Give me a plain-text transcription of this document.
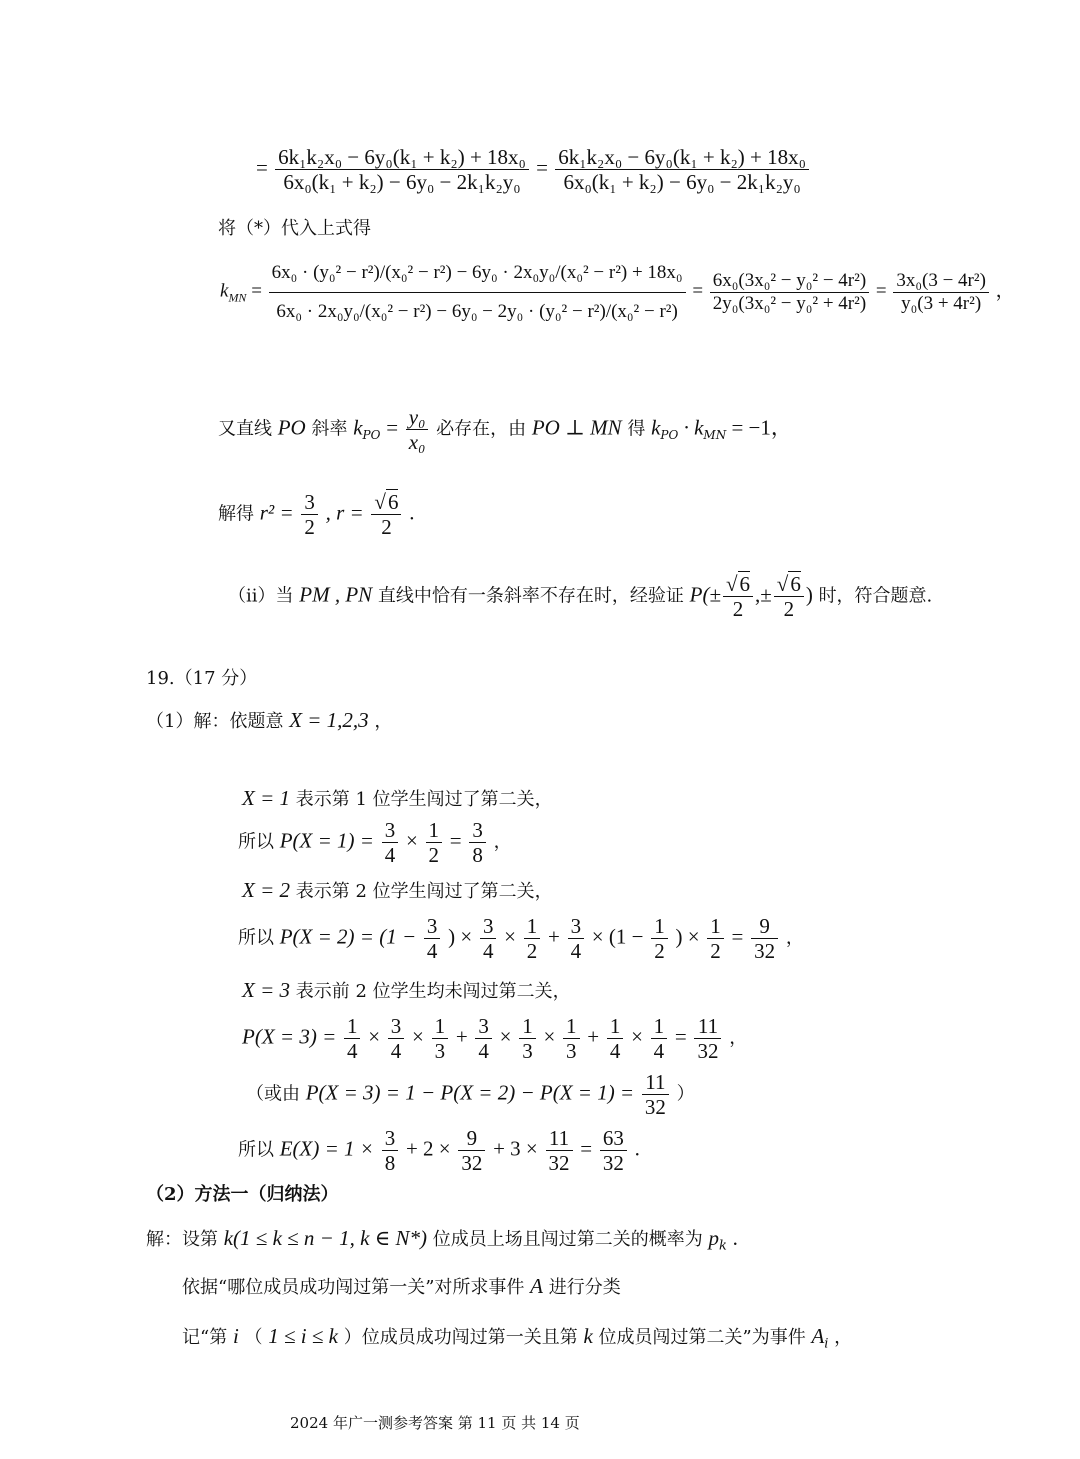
= $\frac{\text{6k₁k₂x₀ − 6y₀(k₁ + k₂) + 18x₀}}{\text{6x₀(k₁ + k₂) − 6y₀ − 2k₁k₂y₀}} = \frac{\text{6k₁k₂x₀ − 6y₀(k₁ + k₂) + 18x₀}}{\text{6x₀(k₁ + k₂) − 6y₀ − 2k₁k₂y₀}}$
将（*）代入上式得
$k_{MN} = \frac{\text{6x₀ · (y₀² − r²)/(x₀² − r²) − 6y₀ · 2x₀y₀/(x₀² − r²) + 18x₀}}{\text{6x₀ · 2x₀y₀/(x₀² − r²) − 6y₀ − 2y₀ · (y₀² − r²)/(x₀² − r²)}} = \frac{\text{6x₀(3x₀² − y₀² − 4r²)}}{\text{2y₀(3x₀² − y₀² + 4r²)}} = \frac{\text{3x₀(3 − 4r²)}}{\text{y₀(3 + 4r²)}}$ ，
又直线 PO 斜率 $k_{PO} = \frac{\text{y₀}}{\text{x₀}}$ 必存在，由 PO ⊥ MN 得 $k_{PO} \cdot k_{MN} = -1$，
解得 $r^2 = \frac{3}{2}$ , $r = \frac{√6}{2}$ .
（ii）当 PM , PN 直线中恰有一条斜率不存在时，经验证 $P(\pm \frac{√6}{2}$ ,± $\frac{√6}{2}$ ) 时，符合题意.
19.（17 分）
（1）解：依题意 X = 1,2,3 ，
X = 1 表示第 1 位学生闯过了第二关，
所以 $P(X = 1) = \frac{3}{4} \times \frac{1}{2} = \frac{3}{8}$ ，
X = 2 表示第 2 位学生闯过了第二关，
所以 $P(X = 2) = (1 - \frac{3}{4}$ ) × $\frac{3}{4} \times \frac{1}{2} + \frac{3}{4} \times (1 - \frac{1}{2}$ ) × $\frac{1}{2} = \frac{9}{32}$ ，
X = 3 表示前 2 位学生均未闯过第二关，
$P(X = 3) = \frac{1}{4} \times \frac{3}{4} \times \frac{1}{3} + \frac{3}{4} \times \frac{1}{3} \times \frac{1}{3} + \frac{1}{4} \times \frac{1}{4} = \frac{11}{32}$ ，
（或由 $P(X = 3) = 1 - P(X = 2) - P(X = 1) = \frac{11}{32}$ ）
所以 $E(X) = 1 \times \frac{3}{8} + 2 \times \frac{9}{32} + 3 \times \frac{11}{32} = \frac{63}{32}$ .
（2）方法一（归纳法）
解：设第 k(1 ≤ k ≤ n − 1, k ∈ N*) 位成员上场且闯过第二关的概率为 $p_k$ .
依据“哪位成员成功闯过第一关”对所求事件 A 进行分类
记“第 i （ 1 ≤ i ≤ k ）位成员成功闯过第一关且第 k 位成员闯过第二关”为事件 $A_i$ ，
2024 年广一测参考答案 第 11 页 共 14 页
